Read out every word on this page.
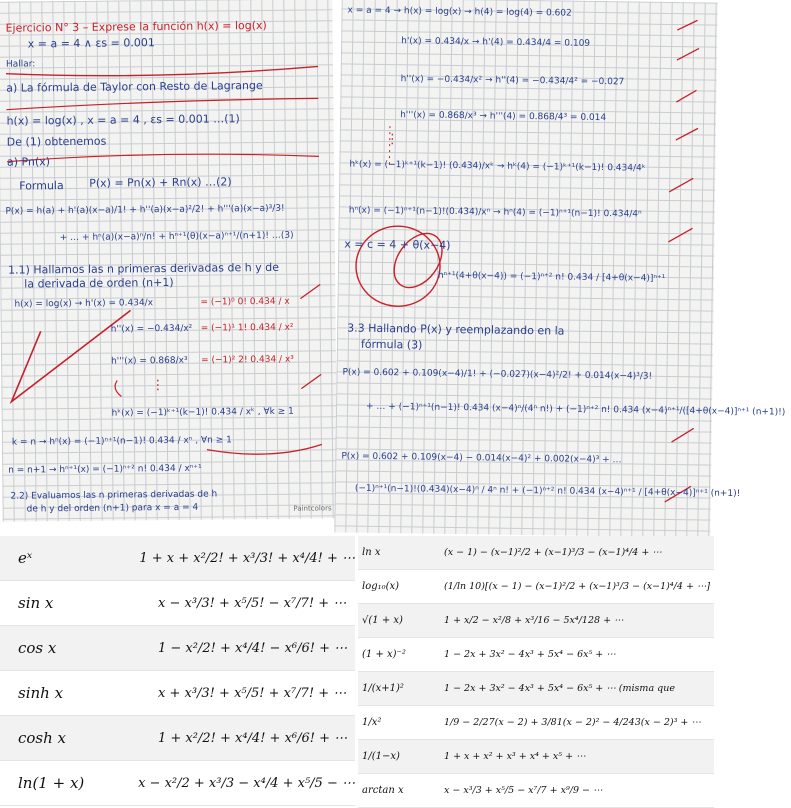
Ejercicio N° 3 – Exprese la función h(x) = log(x)
x = a = 4 ∧ εs = 0.001
Hallar:
a) La fórmula de Taylor con Resto de Lagrange
h(x) = log(x) , x = a = 4 , εs = 0.001 …(1)
De (1) obtenemos
a) Pn(x)
Formula P(x) = Pn(x) + Rn(x) …(2)
P(x) = h(a) + h'(a)(x−a)/1! + h''(a)(x−a)²/2! + h'''(a)(x−a)³/3!
+ … + hⁿ(a)(x−a)ⁿ/n! + hⁿ⁺¹(θ)(x−a)ⁿ⁺¹/(n+1)! …(3)
1.1) Hallamos las n primeras derivadas de h y de
la derivada de orden (n+1)
h(x) = log(x) → h'(x) = 0.434/x	= (−1)⁰ 0! 0.434 / x
h''(x) = −0.434/x² = (−1)¹ 1! 0.434 / x²
h'''(x) = 0.868/x³ = (−1)² 2! 0.434 / x³
⋮
hᵏ(x) = (−1)ᵏ⁺¹(k−1)! 0.434 / xᵏ , ∀k ≥ 1
k = n → hⁿ(x) = (−1)ⁿ⁺¹(n−1)! 0.434 / xⁿ , ∀n ≥ 1
n = n+1 → hⁿ⁺¹(x) = (−1)ⁿ⁺² n! 0.434 / xⁿ⁺¹
2.2) Evaluamos las n primeras derivadas de h
de h y del orden (n+1) para x = a = 4	Paintcolors
x = a = 4 → h(x) = log(x) → h(4) = log(4) = 0.602
h'(x) = 0.434/x → h'(4) = 0.434/4 = 0.109
h''(x) = −0.434/x² → h''(4) = −0.434/4² = −0.027
h'''(x) = 0.868/x³ → h'''(4) = 0.868/4³ = 0.014
⋮
hᵏ(x) = (−1)ᵏ⁺¹(k−1)! (0.434)/xᵏ → hᵏ(4) = (−1)ᵏ⁺¹(k−1)! 0.434/4ᵏ
hⁿ(x) = (−1)ⁿ⁺¹(n−1)!(0.434)/xⁿ → hⁿ(4) = (−1)ⁿ⁺¹(n−1)! 0.434/4ⁿ
x = c = 4 + θ(x−4)
hⁿ⁺¹(4+θ(x−4)) = (−1)ⁿ⁺² n! 0.434 / [4+θ(x−4)]ⁿ⁺¹
3.3 Hallando P(x) y reemplazando en la
fórmula (3)
P(x) = 0.602 + 0.109(x−4)/1! + (−0.027)(x−4)²/2! + 0.014(x−4)³/3!
+ … + (−1)ⁿ⁺¹(n−1)! 0.434 (x−4)ⁿ/(4ⁿ n!) + (−1)ⁿ⁺² n! 0.434 (x−4)ⁿ⁺¹/([4+θ(x−4)]ⁿ⁺¹ (n+1)!)
P(x) = 0.602 + 0.109(x−4) − 0.014(x−4)² + 0.002(x−4)³ + …
(−1)ⁿ⁺¹(n−1)!(0.434)(x−4)ⁿ / 4ⁿ n! + (−1)ⁿ⁺² n! 0.434 (x−4)ⁿ⁺¹ / [4+θ(x−4)]ⁿ⁺¹ (n+1)!
eˣ	1 + x + x²/2! + x³/3! + x⁴/4! + ⋯
sin x	x − x³/3! + x⁵/5! − x⁷/7! + ⋯
cos x	1 − x²/2! + x⁴/4! − x⁶/6! + ⋯
sinh x	x + x³/3! + x⁵/5! + x⁷/7! + ⋯
cosh x	1 + x²/2! + x⁴/4! + x⁶/6! + ⋯
ln(1 + x)	x − x²/2 + x³/3 − x⁴/4 + x⁵/5 − ⋯
ln x	(x − 1) − (x−1)²/2 + (x−1)³/3 − (x−1)⁴/4 + ⋯
log₁₀(x)	(1/ln 10)[(x − 1) − (x−1)²/2 + (x−1)³/3 − (x−1)⁴/4 + ⋯]
√(1 + x)	1 + x/2 − x²/8 + x³/16 − 5x⁴/128 + ⋯
(1 + x)⁻²	1 − 2x + 3x² − 4x³ + 5x⁴ − 6x⁵ + ⋯
1/(x+1)²	1 − 2x + 3x² − 4x³ + 5x⁴ − 6x⁵ + ⋯ (misma que
1/x²	1/9 − 2/27(x − 2) + 3/81(x − 2)² − 4/243(x − 2)³ + ⋯
1/(1−x)	1 + x + x² + x³ + x⁴ + x⁵ + ⋯
arctan x	x − x³/3 + x⁵/5 − x⁷/7 + x⁹/9 − ⋯
